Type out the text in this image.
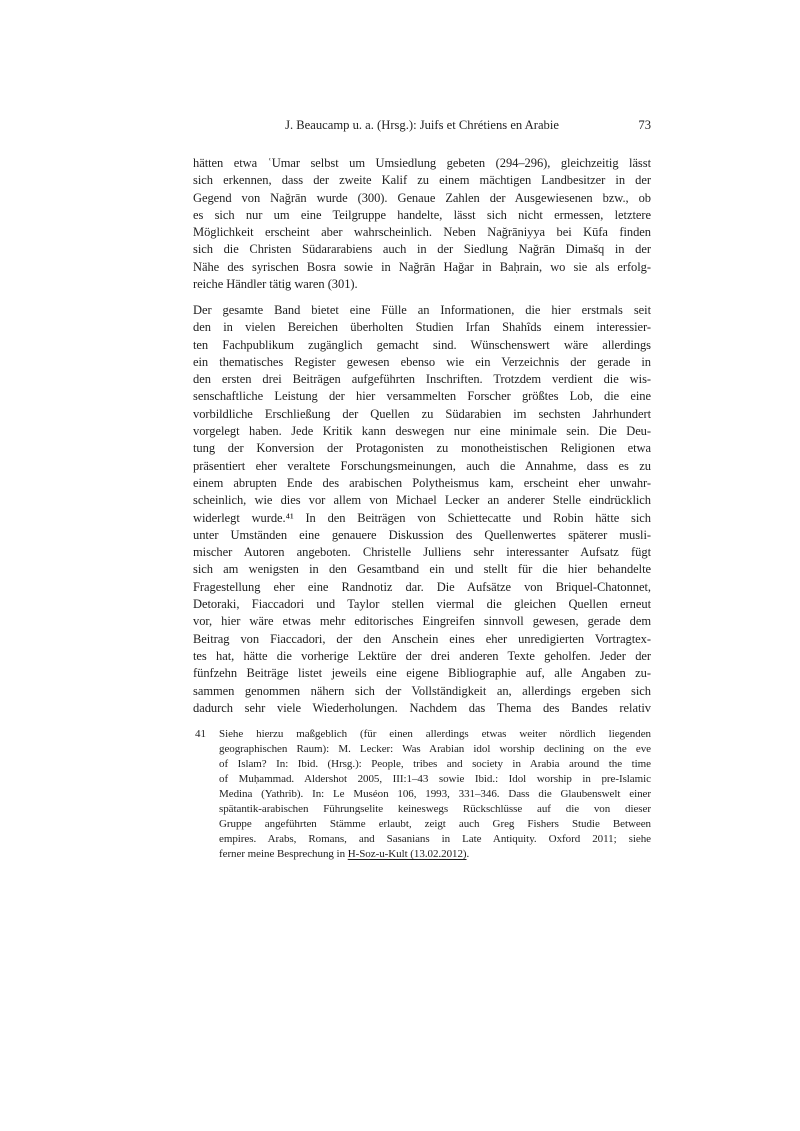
J. Beaucamp u. a. (Hrsg.): Juifs et Chrétiens en Arabie	73
hätten etwa ʿUmar selbst um Umsiedlung gebeten (294–296), gleichzeitig lässt
sich erkennen, dass der zweite Kalif zu einem mächtigen Landbesitzer in der
Gegend von Nağrān wurde (300). Genaue Zahlen der Ausgewiesenen bzw., ob
es sich nur um eine Teilgruppe handelte, lässt sich nicht ermessen, letztere
Möglichkeit erscheint aber wahrscheinlich. Neben Nağrāniyya bei Kūfa finden
sich die Christen Südararabiens auch in der Siedlung Nağrān Dimašq in der
Nähe des syrischen Bosra sowie in Nağrān Hağar in Baḥrain, wo sie als erfolg-
reiche Händler tätig waren (301).
Der gesamte Band bietet eine Fülle an Informationen, die hier erstmals seit
den in vielen Bereichen überholten Studien Irfan Shahîds einem interessier-
ten Fachpublikum zugänglich gemacht sind. Wünschenswert wäre allerdings
ein thematisches Register gewesen ebenso wie ein Verzeichnis der gerade in
den ersten drei Beiträgen aufgeführten Inschriften. Trotzdem verdient die wis-
senschaftliche Leistung der hier versammelten Forscher größtes Lob, die eine
vorbildliche Erschließung der Quellen zu Südarabien im sechsten Jahrhundert
vorgelegt haben. Jede Kritik kann deswegen nur eine minimale sein. Die Deu-
tung der Konversion der Protagonisten zu monotheistischen Religionen etwa
präsentiert eher veraltete Forschungsmeinungen, auch die Annahme, dass es zu
einem abrupten Ende des arabischen Polytheismus kam, erscheint eher unwahr-
scheinlich, wie dies vor allem von Michael Lecker an anderer Stelle eindrücklich
widerlegt wurde.⁴¹ In den Beiträgen von Schiettecatte und Robin hätte sich
unter Umständen eine genauere Diskussion des Quellenwertes späterer musli-
mischer Autoren angeboten. Christelle Julliens sehr interessanter Aufsatz fügt
sich am wenigsten in den Gesamtband ein und stellt für die hier behandelte
Fragestellung eher eine Randnotiz dar. Die Aufsätze von Briquel-Chatonnet,
Detoraki, Fiaccadori und Taylor stellen viermal die gleichen Quellen erneut
vor, hier wäre etwas mehr editorisches Eingreifen sinnvoll gewesen, gerade dem
Beitrag von Fiaccadori, der den Anschein eines eher unredigierten Vortragtex-
tes hat, hätte die vorherige Lektüre der drei anderen Texte geholfen. Jeder der
fünfzehn Beiträge listet jeweils eine eigene Bibliographie auf, alle Angaben zu-
sammen genommen nähern sich der Vollständigkeit an, allerdings ergeben sich
dadurch sehr viele Wiederholungen. Nachdem das Thema des Bandes relativ
41 Siehe hierzu maßgeblich (für einen allerdings etwas weiter nördlich liegenden
geographischen Raum): M. Lecker: Was Arabian idol worship declining on the eve
of Islam? In: Ibid. (Hrsg.): People, tribes and society in Arabia around the time
of Muḥammad. Aldershot 2005, III:1–43 sowie Ibid.: Idol worship in pre-Islamic
Medina (Yathrib). In: Le Muséon 106, 1993, 331–346. Dass die Glaubenswelt einer
spätantik-arabischen Führungselite keineswegs Rückschlüsse auf die von dieser
Gruppe angeführten Stämme erlaubt, zeigt auch Greg Fishers Studie Between
empires. Arabs, Romans, and Sasanians in Late Antiquity. Oxford 2011; siehe
ferner meine Besprechung in H-Soz-u-Kult (13.02.2012).
